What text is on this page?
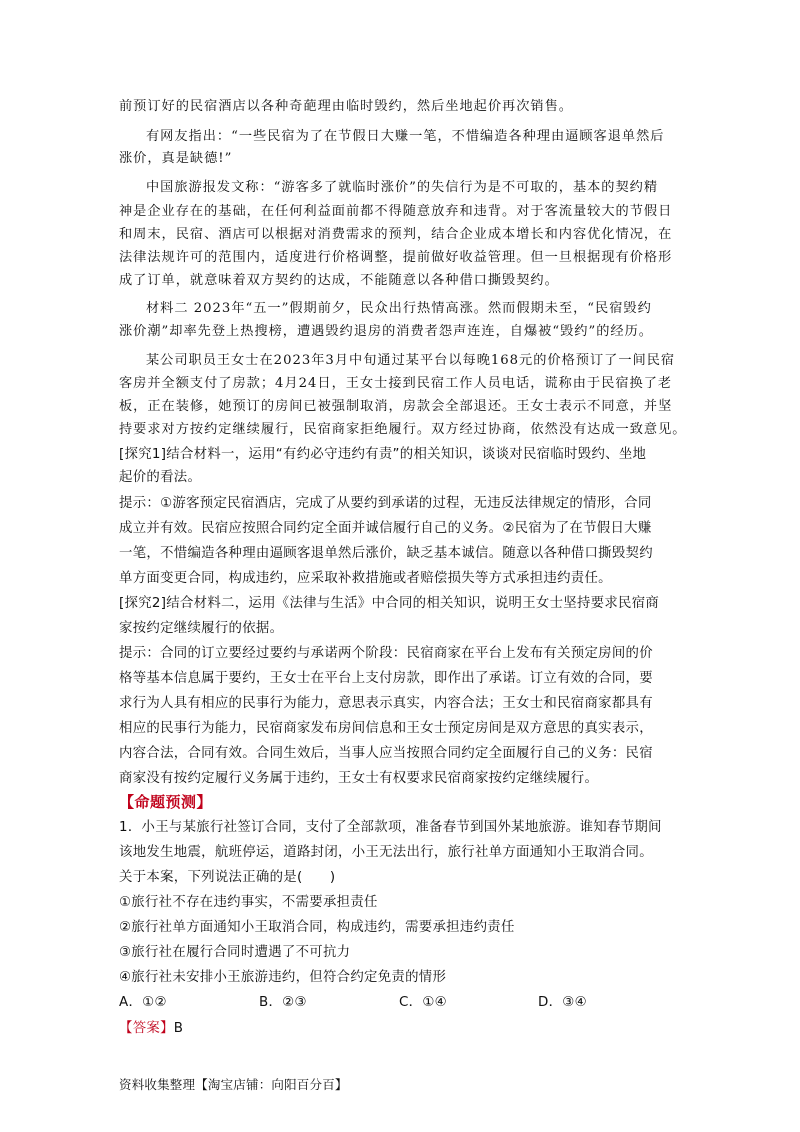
前预订好的民宿酒店以各种奇葩理由临时毁约，然后坐地起价再次销售。
有网友指出：“一些民宿为了在节假日大赚一笔，不惜编造各种理由逼顾客退单然后
涨价，真是缺德!”
中国旅游报发文称：“游客多了就临时涨价”的失信行为是不可取的，基本的契约精
神是企业存在的基础，在任何利益面前都不得随意放弃和违背。对于客流量较大的节假日
和周末，民宿、酒店可以根据对消费需求的预判，结合企业成本增长和内容优化情况，在
法律法规许可的范围内，适度进行价格调整，提前做好收益管理。但一旦根据现有价格形
成了订单，就意味着双方契约的达成，不能随意以各种借口撕毁契约。
材料二 2023年“五一”假期前夕，民众出行热情高涨。然而假期未至，“民宿毁约
涨价潮”却率先登上热搜榜，遭遇毁约退房的消费者怨声连连，自爆被“毁约”的经历。
某公司职员王女士在2023年3月中旬通过某平台以每晚168元的价格预订了一间民宿
客房并全额支付了房款；4月24日，王女士接到民宿工作人员电话，谎称由于民宿换了老
板，正在装修，她预订的房间已被强制取消，房款会全部退还。王女士表示不同意，并坚
持要求对方按约定继续履行，民宿商家拒绝履行。双方经过协商，依然没有达成一致意见。
[探究1]结合材料一，运用“有约必守违约有责”的相关知识，谈谈对民宿临时毁约、坐地
起价的看法。
提示：①游客预定民宿酒店，完成了从要约到承诺的过程，无违反法律规定的情形，合同
成立并有效。民宿应按照合同约定全面并诚信履行自己的义务。②民宿为了在节假日大赚
一笔，不惜编造各种理由逼顾客退单然后涨价，缺乏基本诚信。随意以各种借口撕毁契约
单方面变更合同，构成违约，应采取补救措施或者赔偿损失等方式承担违约责任。
[探究2]结合材料二，运用《法律与生活》中合同的相关知识，说明王女士坚持要求民宿商
家按约定继续履行的依据。
提示：合同的订立要经过要约与承诺两个阶段：民宿商家在平台上发布有关预定房间的价
格等基本信息属于要约，王女士在平台上支付房款，即作出了承诺。订立有效的合同，要
求行为人具有相应的民事行为能力，意思表示真实，内容合法；王女士和民宿商家都具有
相应的民事行为能力，民宿商家发布房间信息和王女士预定房间是双方意思的真实表示，
内容合法，合同有效。合同生效后，当事人应当按照合同约定全面履行自己的义务：民宿
商家没有按约定履行义务属于违约，王女士有权要求民宿商家按约定继续履行。
【命题预测】
1．小王与某旅行社签订合同，支付了全部款项，准备春节到国外某地旅游。谁知春节期间
该地发生地震，航班停运，道路封闭，小王无法出行，旅行社单方面通知小王取消合同。
关于本案，下列说法正确的是(　　)
①旅行社不存在违约事实，不需要承担责任
②旅行社单方面通知小王取消合同，构成违约，需要承担违约责任
③旅行社在履行合同时遭遇了不可抗力
④旅行社未安排小王旅游违约，但符合约定免责的情形
A．①②	B．②③	C．①④	D．③④
【答案】B
资料收集整理【淘宝店铺：向阳百分百】
